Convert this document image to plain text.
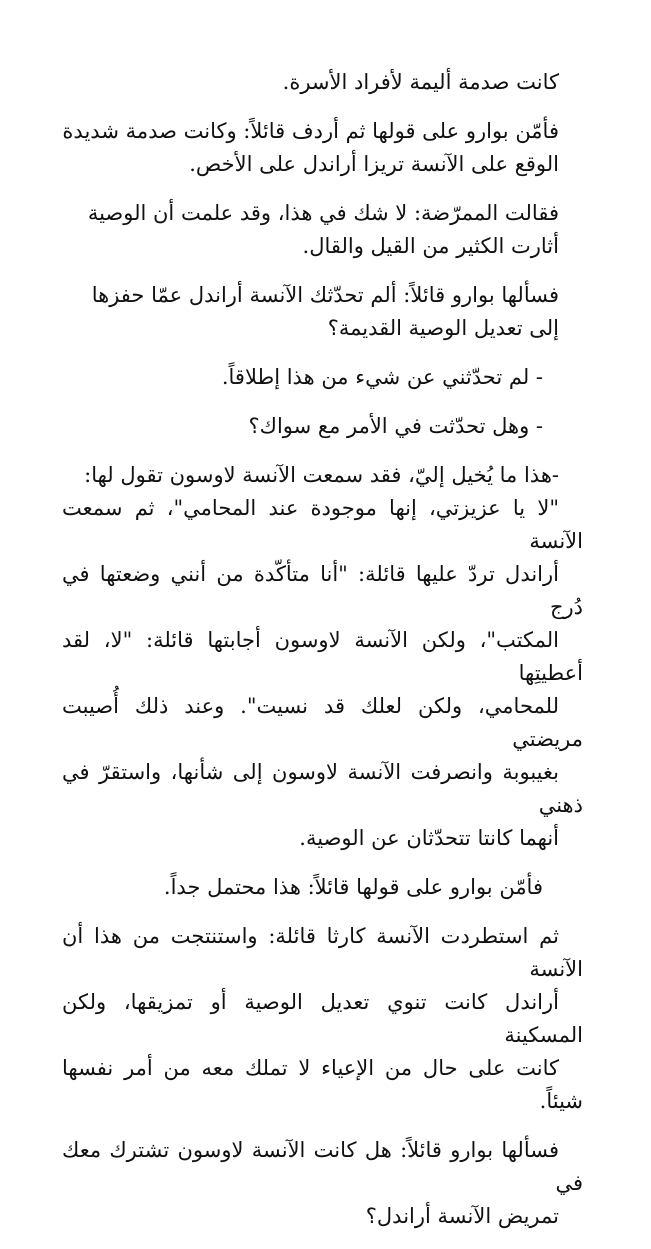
كانت صدمة أليمة لأفراد الأسرة.

فأمّن بوارو على قولها ثم أردف قائلاً: وكانت صدمة شديدة
الوقع على الآنسة تريزا أراندل على الأخص.

فقالت الممرّضة: لا شك في هذا، وقد علمت أن الوصية
أثارت الكثير من القيل والقال.

فسألها بوارو قائلاً: ألم تحدّثك الآنسة أراندل عمّا حفزها
إلى تعديل الوصية القديمة؟

- لم تحدّثني عن شيء من هذا إطلاقاً.

- وهل تحدّثت في الأمر مع سواك؟

-هذا ما يُخيل إليّ، فقد سمعت الآنسة لاوسون تقول لها:
"لا يا عزيزتي، إنها موجودة عند المحامي"، ثم سمعت الآنسة
أراندل تردّ عليها قائلة: "أنا متأكّدة من أنني وضعتها في دُرج
المكتب"، ولكن الآنسة لاوسون أجابتها قائلة: "لا، لقد أعطيتِها
للمحامي، ولكن لعلك قد نسيت". وعند ذلك أُصيبت مريضتي
بغيبوبة وانصرفت الآنسة لاوسون إلى شأنها، واستقرّ في ذهني
أنهما كانتا تتحدّثان عن الوصية.

فأمّن بوارو على قولها قائلاً: هذا محتمل جداً.

ثم استطردت الآنسة كارثا قائلة: واستنتجت من هذا أن الآنسة
أراندل كانت تنوي تعديل الوصية أو تمزيقها، ولكن المسكينة
كانت على حال من الإعياء لا تملك معه من أمر نفسها شيئاً.

فسألها بوارو قائلاً: هل كانت الآنسة لاوسون تشترك معك في
تمريض الآنسة أراندل؟
